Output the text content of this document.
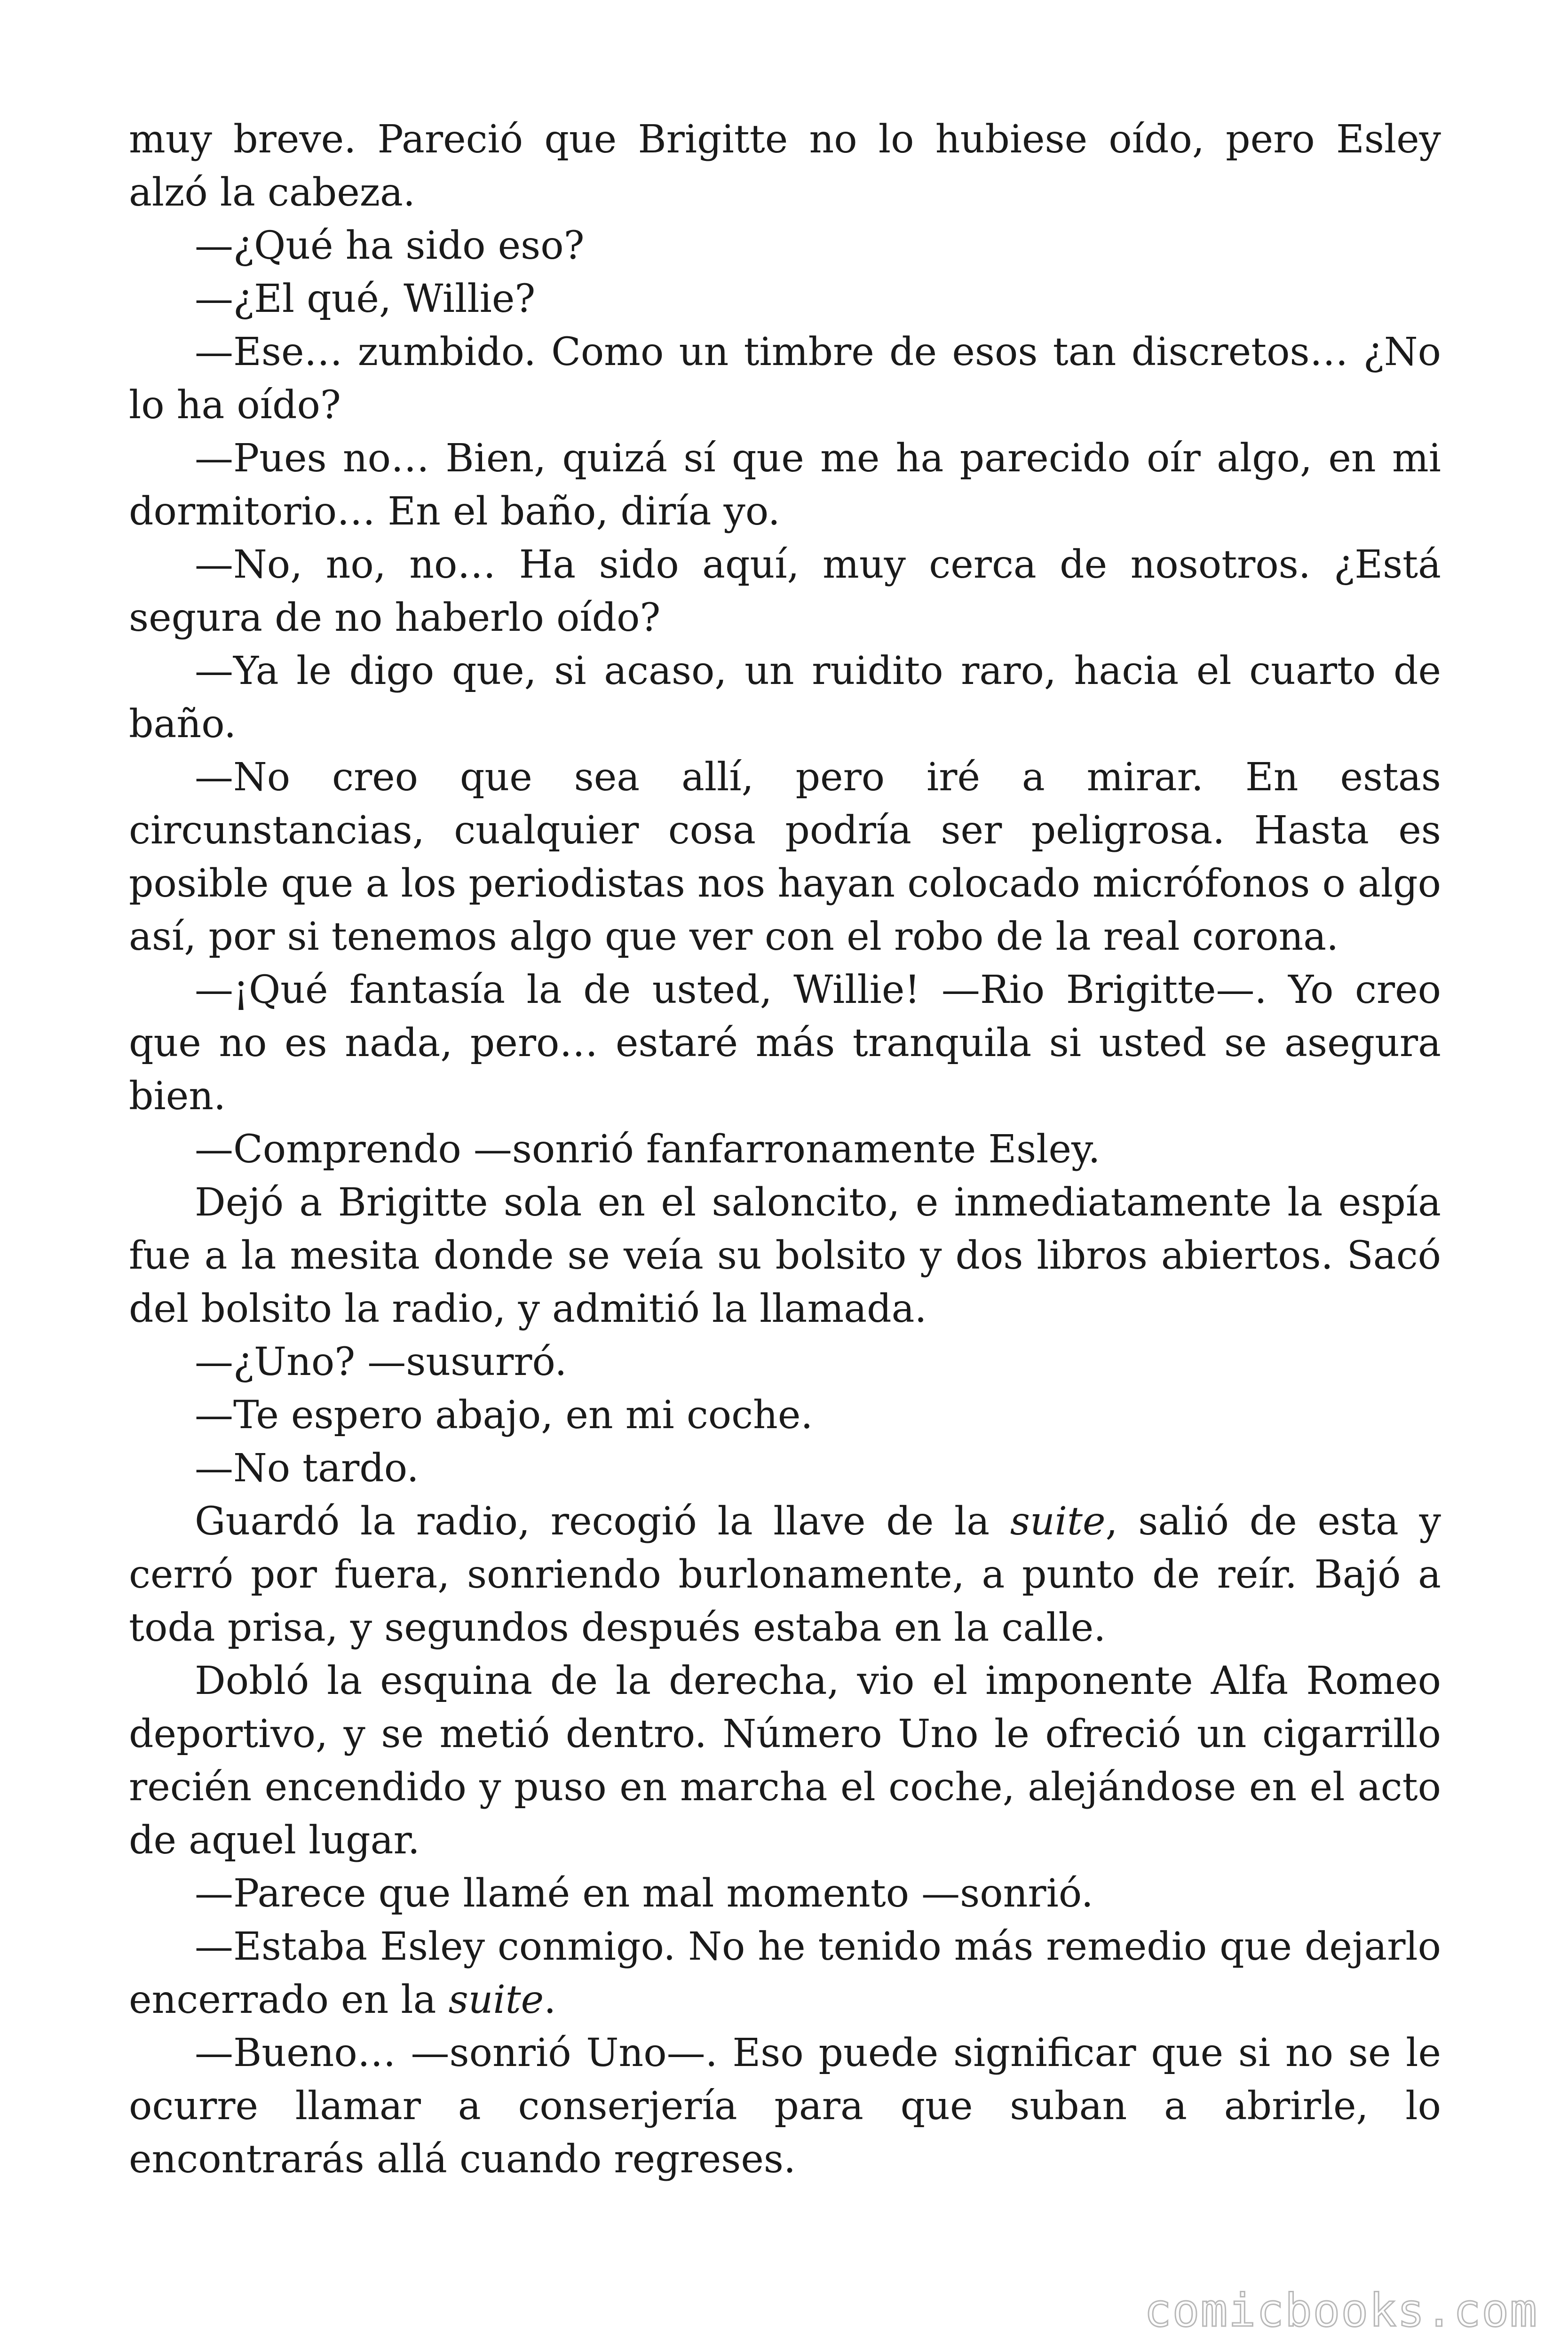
muy breve. Pareció que Brigitte no lo hubiese oído, pero Esley alzó la cabeza.

—¿Qué ha sido eso?

—¿El qué, Willie?

—Ese… zumbido. Como un timbre de esos tan discretos… ¿No lo ha oído?

—Pues no… Bien, quizá sí que me ha parecido oír algo, en mi dormitorio… En el baño, diría yo.

—No, no, no… Ha sido aquí, muy cerca de nosotros. ¿Está segura de no haberlo oído?

—Ya le digo que, si acaso, un ruidito raro, hacia el cuarto de baño.

—No creo que sea allí, pero iré a mirar. En estas circunstancias, cualquier cosa podría ser peligrosa. Hasta es posible que a los periodistas nos hayan colocado micrófonos o algo así, por si tenemos algo que ver con el robo de la real corona.

—¡Qué fantasía la de usted, Willie! —Rio Brigitte—. Yo creo que no es nada, pero… estaré más tranquila si usted se asegura bien.

—Comprendo —sonrió fanfarronamente Esley.

Dejó a Brigitte sola en el saloncito, e inmediatamente la espía fue a la mesita donde se veía su bolsito y dos libros abiertos. Sacó del bolsito la radio, y admitió la llamada.

—¿Uno? —susurró.

—Te espero abajo, en mi coche.

—No tardo.

Guardó la radio, recogió la llave de la suite, salió de esta y cerró por fuera, sonriendo burlonamente, a punto de reír. Bajó a toda prisa, y segundos después estaba en la calle.

Dobló la esquina de la derecha, vio el imponente Alfa Romeo deportivo, y se metió dentro. Número Uno le ofreció un cigarrillo recién encendido y puso en marcha el coche, alejándose en el acto de aquel lugar.

—Parece que llamé en mal momento —sonrió.

—Estaba Esley conmigo. No he tenido más remedio que dejarlo encerrado en la suite.

—Bueno… —sonrió Uno—. Eso puede significar que si no se le ocurre llamar a conserjería para que suban a abrirle, lo encontrarás allá cuando regreses.

comicbooks.com
